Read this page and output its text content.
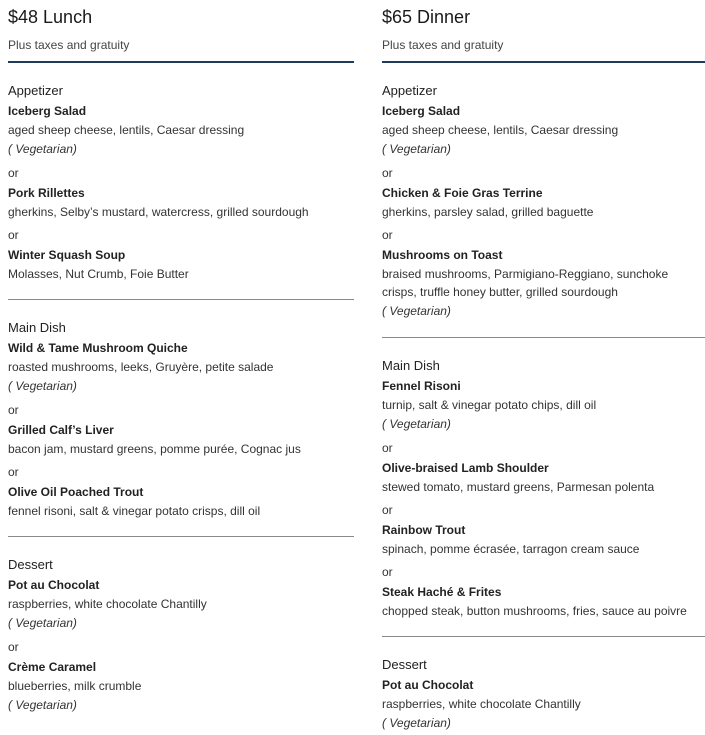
$48 Lunch
Plus taxes and gratuity
Appetizer
Iceberg Salad
aged sheep cheese, lentils, Caesar dressing
( Vegetarian)
or
Pork Rillettes
gherkins, Selby’s mustard, watercress, grilled sourdough
or
Winter Squash Soup
Molasses, Nut Crumb, Foie Butter
Main Dish
Wild & Tame Mushroom Quiche
roasted mushrooms, leeks, Gruyère, petite salade
( Vegetarian)
or
Grilled Calf’s Liver
bacon jam, mustard greens, pomme purée, Cognac jus
or
Olive Oil Poached Trout
fennel risoni, salt & vinegar potato crisps, dill oil
Dessert
Pot au Chocolat
raspberries, white chocolate Chantilly
( Vegetarian)
or
Crème Caramel
blueberries, milk crumble
( Vegetarian)
$65 Dinner
Plus taxes and gratuity
Appetizer
Iceberg Salad
aged sheep cheese, lentils, Caesar dressing
( Vegetarian)
or
Chicken & Foie Gras Terrine
gherkins, parsley salad, grilled baguette
or
Mushrooms on Toast
braised mushrooms, Parmigiano-Reggiano, sunchoke crisps, truffle honey butter, grilled sourdough
( Vegetarian)
Main Dish
Fennel Risoni
turnip, salt & vinegar potato chips, dill oil
( Vegetarian)
or
Olive-braised Lamb Shoulder
stewed tomato, mustard greens, Parmesan polenta
or
Rainbow Trout
spinach, pomme écrasée, tarragon cream sauce
or
Steak Haché & Frites
chopped steak, button mushrooms, fries, sauce au poivre
Dessert
Pot au Chocolat
raspberries, white chocolate Chantilly
( Vegetarian)
